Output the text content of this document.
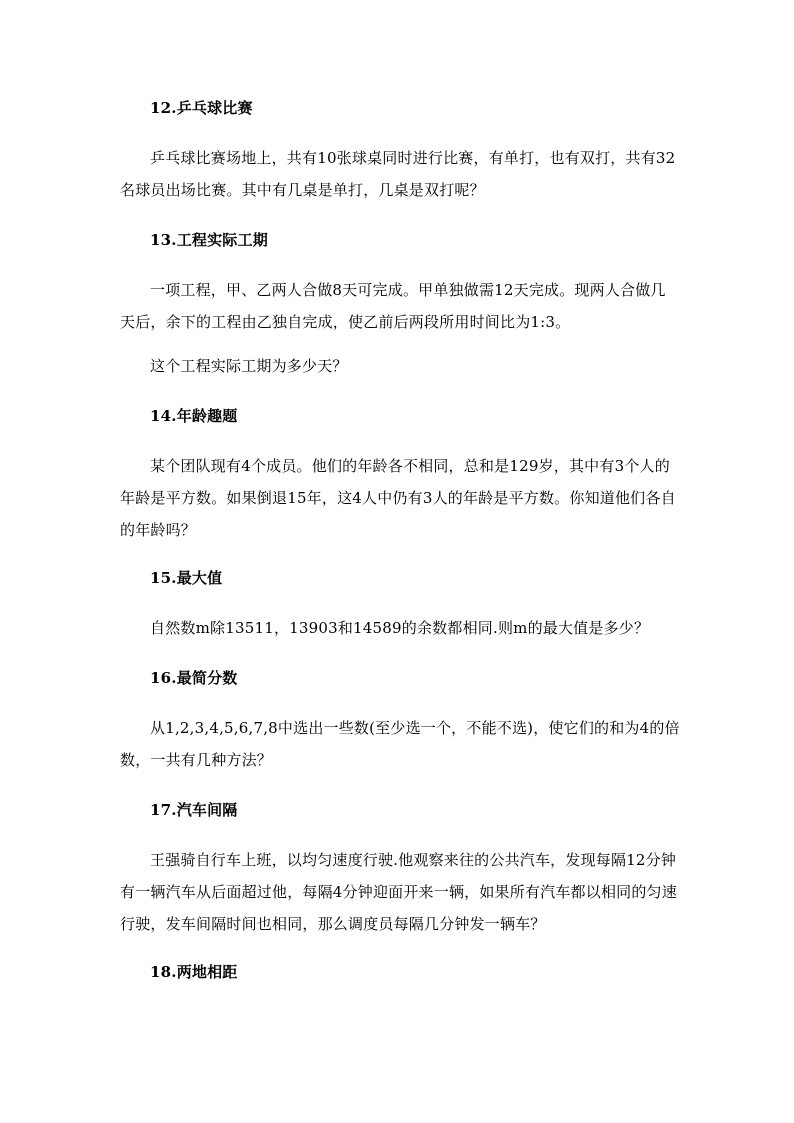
12.乒乓球比赛
乒乓球比赛场地上，共有10张球桌同时进行比赛，有单打，也有双打，共有32名球员出场比赛。其中有几桌是单打，几桌是双打呢？
13.工程实际工期
一项工程，甲、乙两人合做8天可完成。甲单独做需12天完成。现两人合做几天后，余下的工程由乙独自完成，使乙前后两段所用时间比为1:3。
这个工程实际工期为多少天？
14.年龄趣题
某个团队现有4个成员。他们的年龄各不相同，总和是129岁，其中有3个人的年龄是平方数。如果倒退15年，这4人中仍有3人的年龄是平方数。你知道他们各自的年龄吗？
15.最大值
自然数m除13511，13903和14589的余数都相同.则m的最大值是多少？
16.最简分数
从1,2,3,4,5,6,7,8中选出一些数(至少选一个，不能不选)，使它们的和为4的倍数，一共有几种方法？
17.汽车间隔
王强骑自行车上班，以均匀速度行驶.他观察来往的公共汽车，发现每隔12分钟有一辆汽车从后面超过他，每隔4分钟迎面开来一辆，如果所有汽车都以相同的匀速行驶，发车间隔时间也相同，那么调度员每隔几分钟发一辆车？
18.两地相距
